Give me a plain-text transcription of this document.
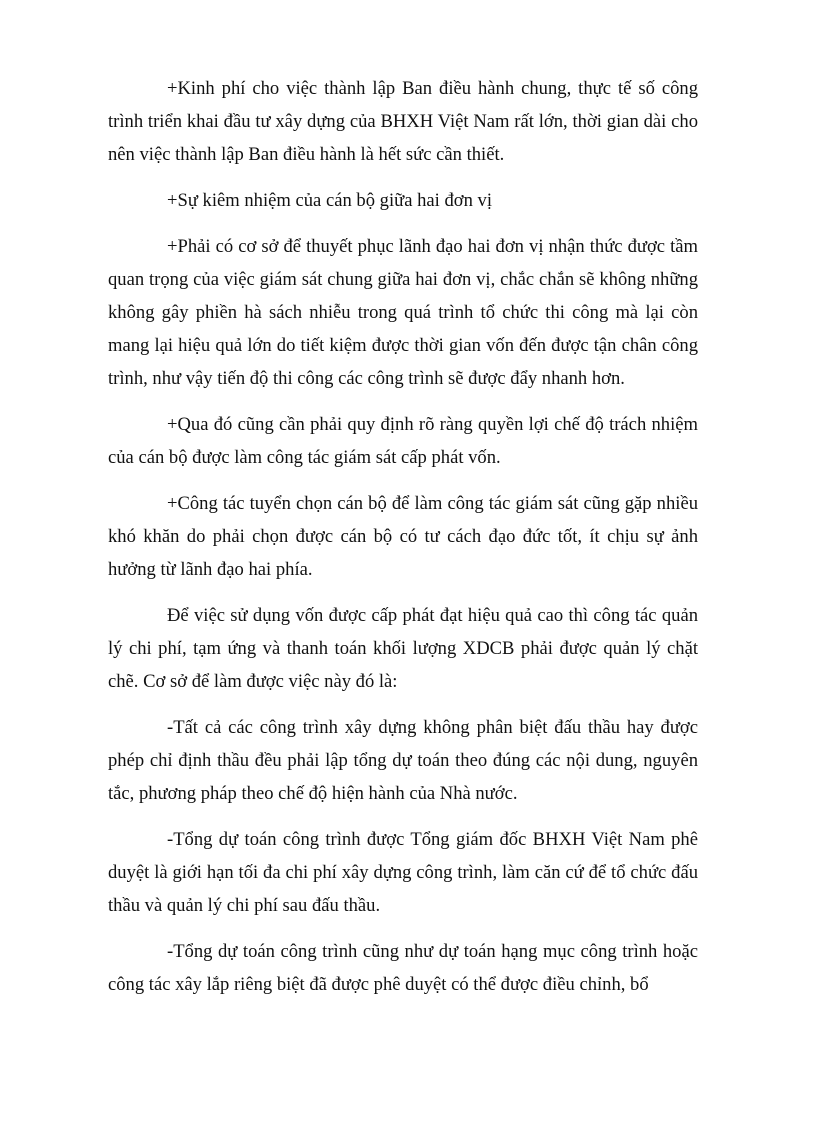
+Kinh phí cho việc thành lập Ban điều hành chung, thực tế số công trình triển khai đầu tư xây dựng của BHXH Việt Nam rất lớn, thời gian dài cho nên việc thành lập Ban điều hành là hết sức cần thiết.

+Sự kiêm nhiệm của cán bộ giữa hai đơn vị

+Phải có cơ sở để thuyết phục lãnh đạo hai đơn vị nhận thức được tầm quan trọng của việc giám sát chung giữa hai đơn vị, chắc chắn sẽ không những không gây phiền hà sách nhiễu trong quá trình tổ chức thi công mà lại còn mang lại hiệu quả lớn do tiết kiệm được thời gian vốn đến được tận chân công trình, như vậy tiến độ thi công các công trình sẽ được đẩy nhanh hơn.

+Qua đó cũng cần phải quy định rõ ràng quyền lợi chế độ trách nhiệm của cán bộ được làm công tác giám sát cấp phát vốn.

+Công tác tuyển chọn cán bộ để làm công tác giám sát cũng gặp nhiều khó khăn do phải chọn được cán bộ có tư cách đạo đức tốt, ít chịu sự ảnh hưởng từ lãnh đạo hai phía.

Để việc sử dụng vốn được cấp phát đạt hiệu quả cao thì công tác quản lý chi phí, tạm ứng và thanh toán khối lượng XDCB phải được quản lý chặt chẽ. Cơ sở để làm được việc này đó là:

-Tất cả các công trình xây dựng không phân biệt đấu thầu hay được phép chỉ định thầu đều phải lập tổng dự toán theo đúng các nội dung, nguyên tắc, phương pháp theo chế độ hiện hành của Nhà nước.

-Tổng dự toán công trình được Tổng giám đốc BHXH Việt Nam phê duyệt là giới hạn tối đa chi phí xây dựng công trình, làm căn cứ để tổ chức đấu thầu và quản lý chi phí sau đấu thầu.

-Tổng dự toán công trình cũng như dự toán hạng mục công trình hoặc công tác xây lắp riêng biệt đã được phê duyệt có thể được điều chỉnh, bổ
